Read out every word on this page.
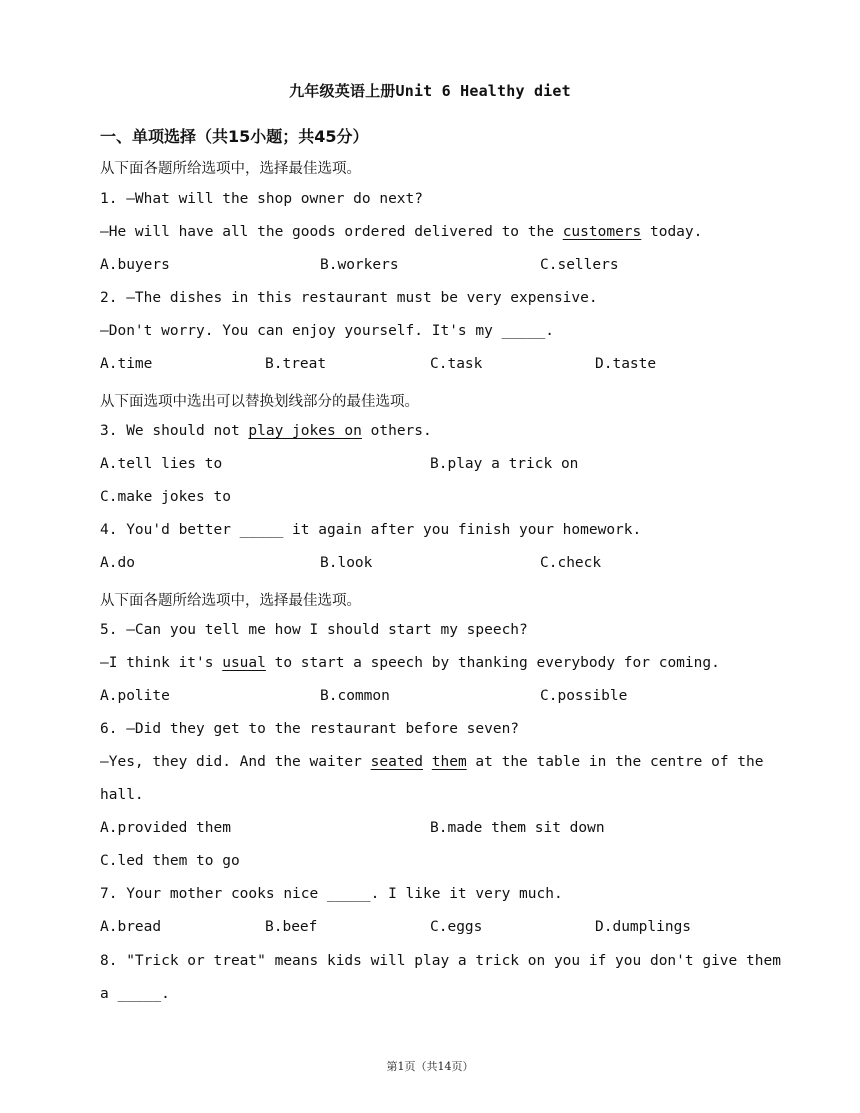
九年级英语上册Unit 6 Healthy diet
一、单项选择（共15小题；共45分）
从下面各题所给选项中，选择最佳选项。
1. —What will the shop owner do next?
—He will have all the goods ordered delivered to the customers today.
A.buyers	B.workers	C.sellers
2. —The dishes in this restaurant must be very expensive.
—Don't worry. You can enjoy yourself. It's my _____.
A.time	B.treat	C.task	D.taste
从下面选项中选出可以替换划线部分的最佳选项。
3. We should not play jokes on others.
A.tell lies to	B.play a trick on
C.make jokes to
4. You'd better _____ it again after you finish your homework.
A.do	B.look	C.check
从下面各题所给选项中，选择最佳选项。
5. —Can you tell me how I should start my speech?
—I think it's usual to start a speech by thanking everybody for coming.
A.polite	B.common	C.possible
6. —Did they get to the restaurant before seven?
—Yes, they did. And the waiter seated them at the table in the centre of the
hall.
A.provided them	B.made them sit down
C.led them to go
7. Your mother cooks nice _____. I like it very much.
A.bread	B.beef	C.eggs	D.dumplings
8. "Trick or treat" means kids will play a trick on you if you don't give them
a _____.
第1页（共14页）
